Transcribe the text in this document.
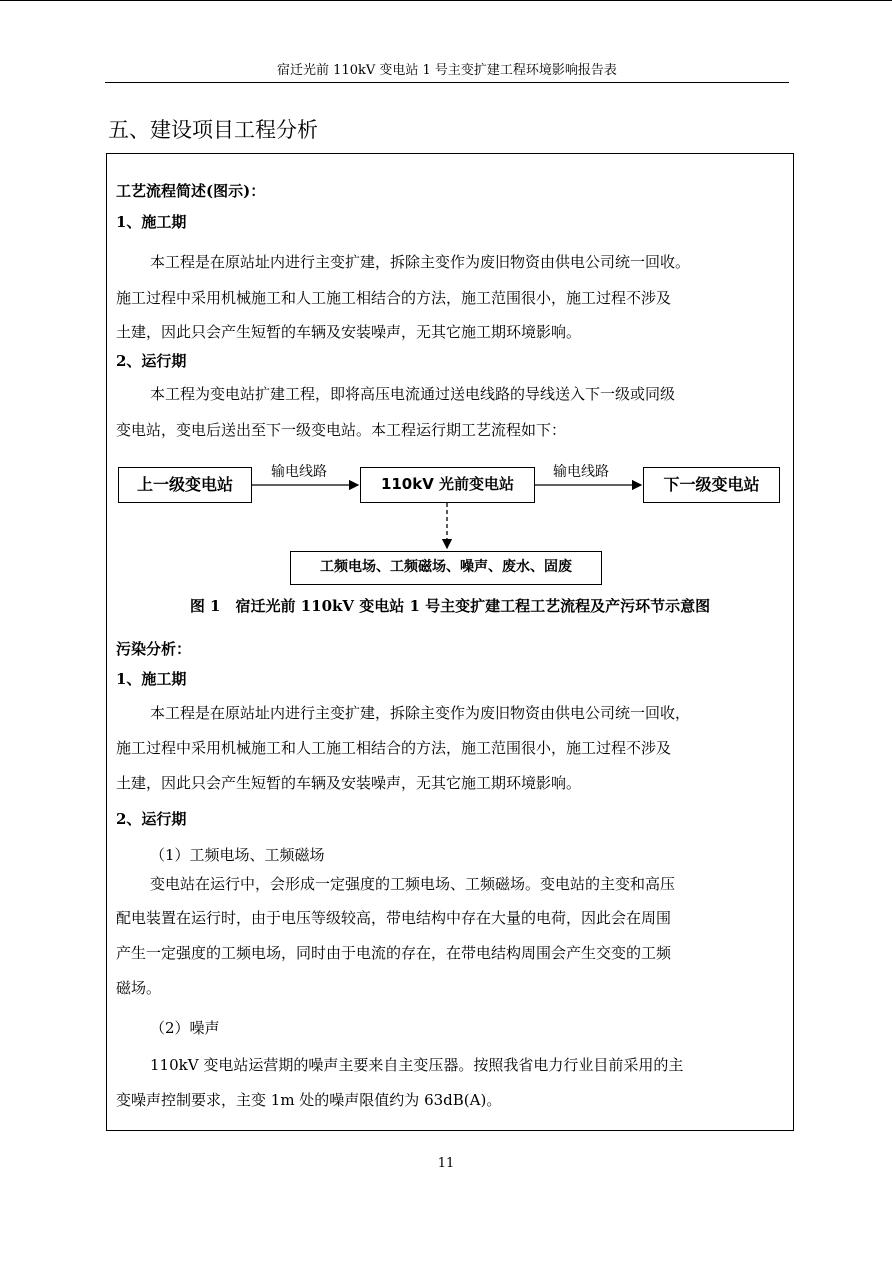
宿迁光前 110kV 变电站 1 号主变扩建工程环境影响报告表
五、建设项目工程分析
工艺流程简述(图示)：
1、施工期
本工程是在原站址内进行主变扩建，拆除主变作为废旧物资由供电公司统一回收。
施工过程中采用机械施工和人工施工相结合的方法，施工范围很小，施工过程不涉及
土建，因此只会产生短暂的车辆及安装噪声，无其它施工期环境影响。
2、运行期
本工程为变电站扩建工程，即将高压电流通过送电线路的导线送入下一级或同级
变电站，变电后送出至下一级变电站。本工程运行期工艺流程如下：
上一级变电站	110kV 光前变电站	下一级变电站
工频电场、工频磁场、噪声、废水、固废
输电线路	输电线路
图 1　宿迁光前 110kV 变电站 1 号主变扩建工程工艺流程及产污环节示意图
污染分析：
1、施工期
本工程是在原站址内进行主变扩建，拆除主变作为废旧物资由供电公司统一回收，
施工过程中采用机械施工和人工施工相结合的方法，施工范围很小，施工过程不涉及
土建，因此只会产生短暂的车辆及安装噪声，无其它施工期环境影响。
2、运行期
（1）工频电场、工频磁场
变电站在运行中，会形成一定强度的工频电场、工频磁场。变电站的主变和高压
配电装置在运行时，由于电压等级较高，带电结构中存在大量的电荷，因此会在周围
产生一定强度的工频电场，同时由于电流的存在，在带电结构周围会产生交变的工频
磁场。
（2）噪声
110kV 变电站运营期的噪声主要来自主变压器。按照我省电力行业目前采用的主
变噪声控制要求，主变 1m 处的噪声限值约为 63dB(A)。
11
